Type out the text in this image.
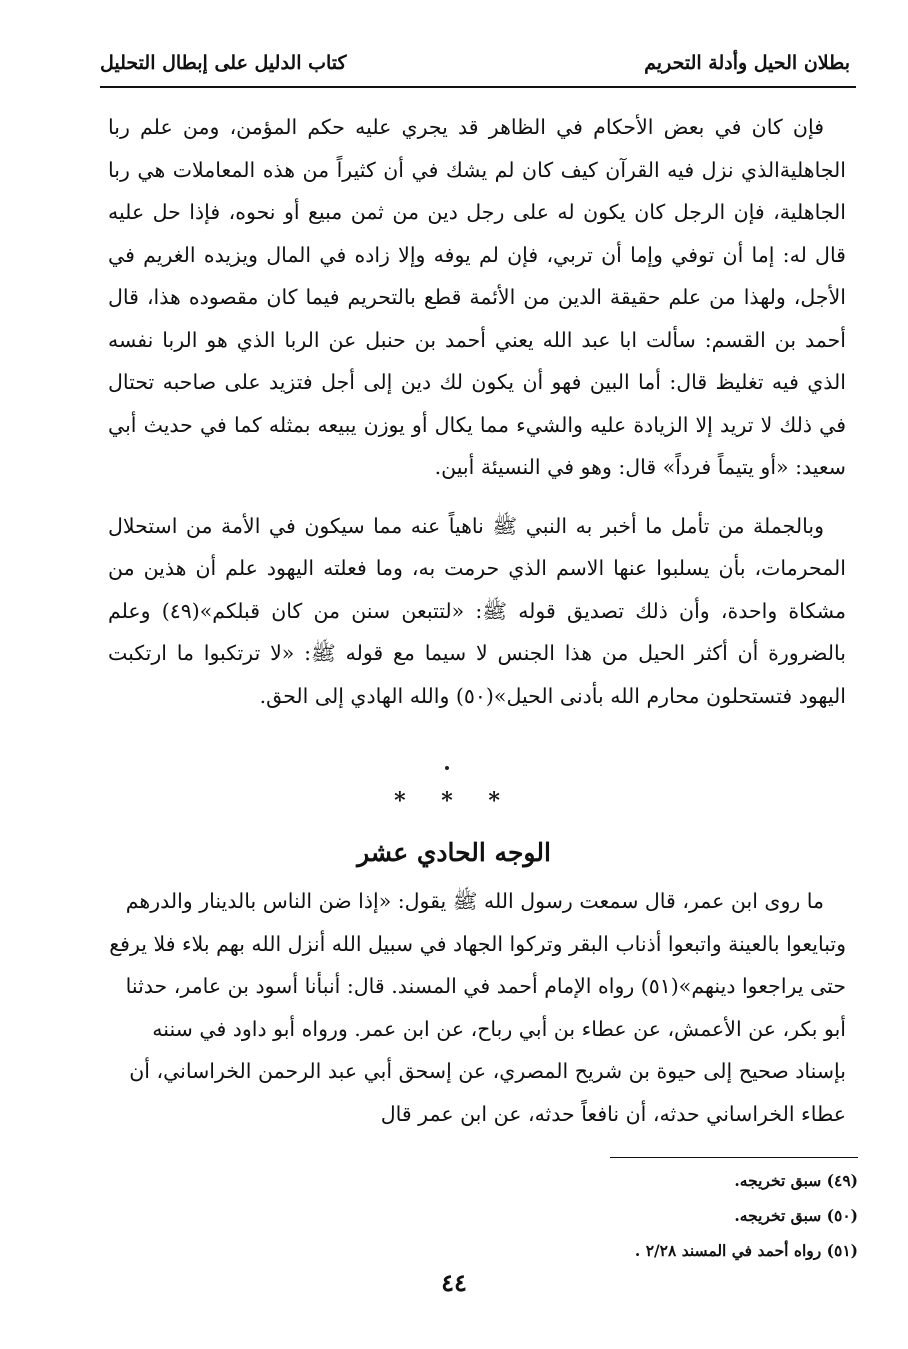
بطلان الحيل وأدلة التحريم
كتاب الدليل على إبطال التحليل

فإن كان في بعض الأحكام في الظاهر قد يجري عليه حكم المؤمن، ومن علم ربا الجاهليةالذي نزل فيه القرآن كيف كان لم يشك في أن كثيراً من هذه المعاملات هي ربا الجاهلية، فإن الرجل كان يكون له على رجل دين من ثمن مبيع أو نحوه، فإذا حل عليه قال له: إما أن توفي وإما أن تربي، فإن لم يوفه وإلا زاده في المال ويزيده الغريم في الأجل، ولهذا من علم حقيقة الدين من الأئمة قطع بالتحريم فيما كان مقصوده هذا، قال أحمد بن القسم: سألت ابا عبد الله يعني أحمد بن حنبل عن الربا الذي هو الربا نفسه الذي فيه تغليظ قال: أما البين فهو أن يكون لك دين إلى أجل فتزيد على صاحبه تحتال في ذلك لا تريد إلا الزيادة عليه والشيء مما يكال أو يوزن يبيعه بمثله كما في حديث أبي سعيد: «أو يتيماً فرداً» قال: وهو في النسيئة أبين.

وبالجملة من تأمل ما أخبر به النبي ﷺ ناهياً عنه مما سيكون في الأمة من استحلال المحرمات، بأن يسلبوا عنها الاسم الذي حرمت به، وما فعلته اليهود علم أن هذين من مشكاة واحدة، وأن ذلك تصديق قوله ﷺ: «لتتبعن سنن من كان قبلكم»(٤٩) وعلم بالضرورة أن أكثر الحيل من هذا الجنس لا سيما مع قوله ﷺ: «لا ترتكبوا ما ارتكبت اليهود فتستحلون محارم الله بأدنى الحيل»(٥٠) والله الهادي إلى الحق.

* * *
الوجه الحادي عشر

ما روى ابن عمر، قال سمعت رسول الله ﷺ يقول: «إذا ضن الناس بالدينار والدرهم وتبايعوا بالعينة واتبعوا أذناب البقر وتركوا الجهاد في سبيل الله أنزل الله بهم بلاء فلا يرفع حتى يراجعوا دينهم»(٥١) رواه الإمام أحمد في المسند. قال: أنبأنا أسود بن عامر، حدثنا أبو بكر، عن الأعمش، عن عطاء بن أبي رباح، عن ابن عمر. ورواه أبو داود في سننه بإسناد صحيح إلى حيوة بن شريح المصري، عن إسحق أبي عبد الرحمن الخراساني، أن عطاء الخراساني حدثه، أن نافعاً حدثه، عن ابن عمر قال

(٤٩) سبق تخريجه.
(٥٠) سبق تخريجه.
(٥١) رواه أحمد في المسند ٢/٢٨ .
٤٤
